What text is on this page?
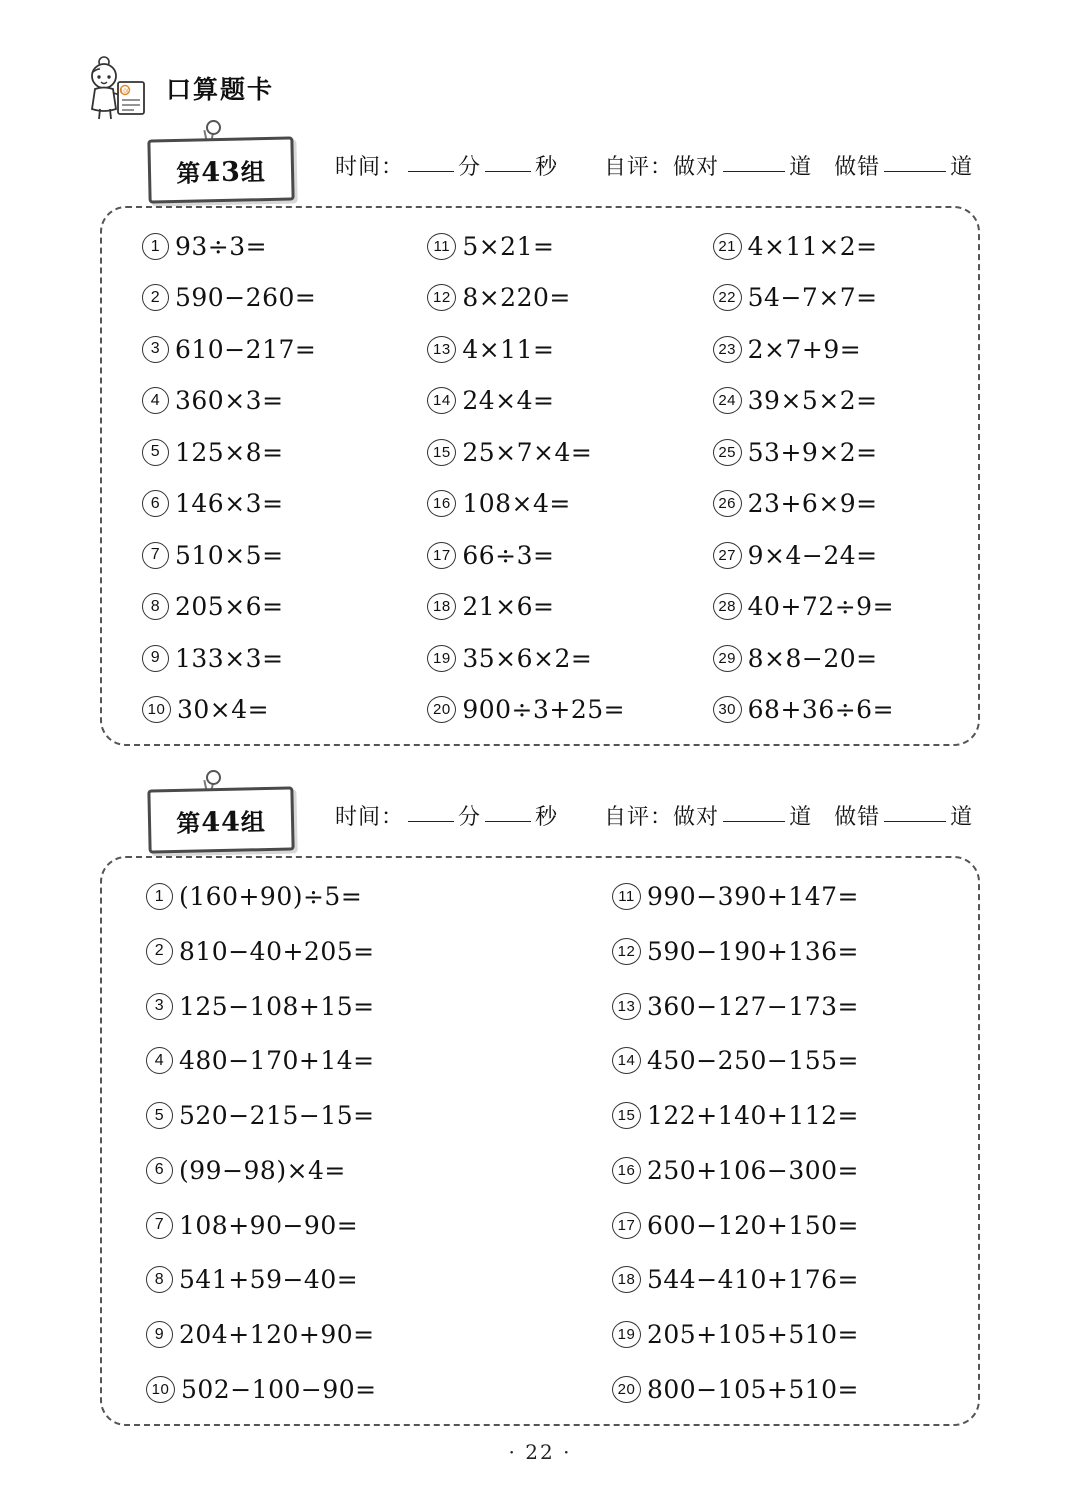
100 口算题卡
第43组	时间： 分 秒 自评：做对	道 做错	道
1 93÷3=
2 590−260=
3 610−217=
4 360×3=
5 125×8=
6 146×3=
7 510×5=
8 205×6=
9 133×3=
10 30×4=
11 5×21=
12 8×220=
13 4×11=
14 24×4=
15 25×7×4=
16 108×4=
17 66÷3=
18 21×6=
19 35×6×2=
20 900÷3+25=
21 4×11×2=
22 54−7×7=
23 2×7+9=
24 39×5×2=
25 53+9×2=
26 23+6×9=
27 9×4−24=
28 40+72÷9=
29 8×8−20=
30 68+36÷6=
第44组	时间： 分 秒 自评：做对	道 做错	道
1 (160+90)÷5=
2 810−40+205=
3 125−108+15=
4 480−170+14=
5 520−215−15=
6 (99−98)×4=
7 108+90−90=
8 541+59−40=
9 204+120+90=
10 502−100−90=
11 990−390+147=
12 590−190+136=
13 360−127−173=
14 450−250−155=
15 122+140+112=
16 250+106−300=
17 600−120+150=
18 544−410+176=
19 205+105+510=
20 800−105+510=
· 22 ·
